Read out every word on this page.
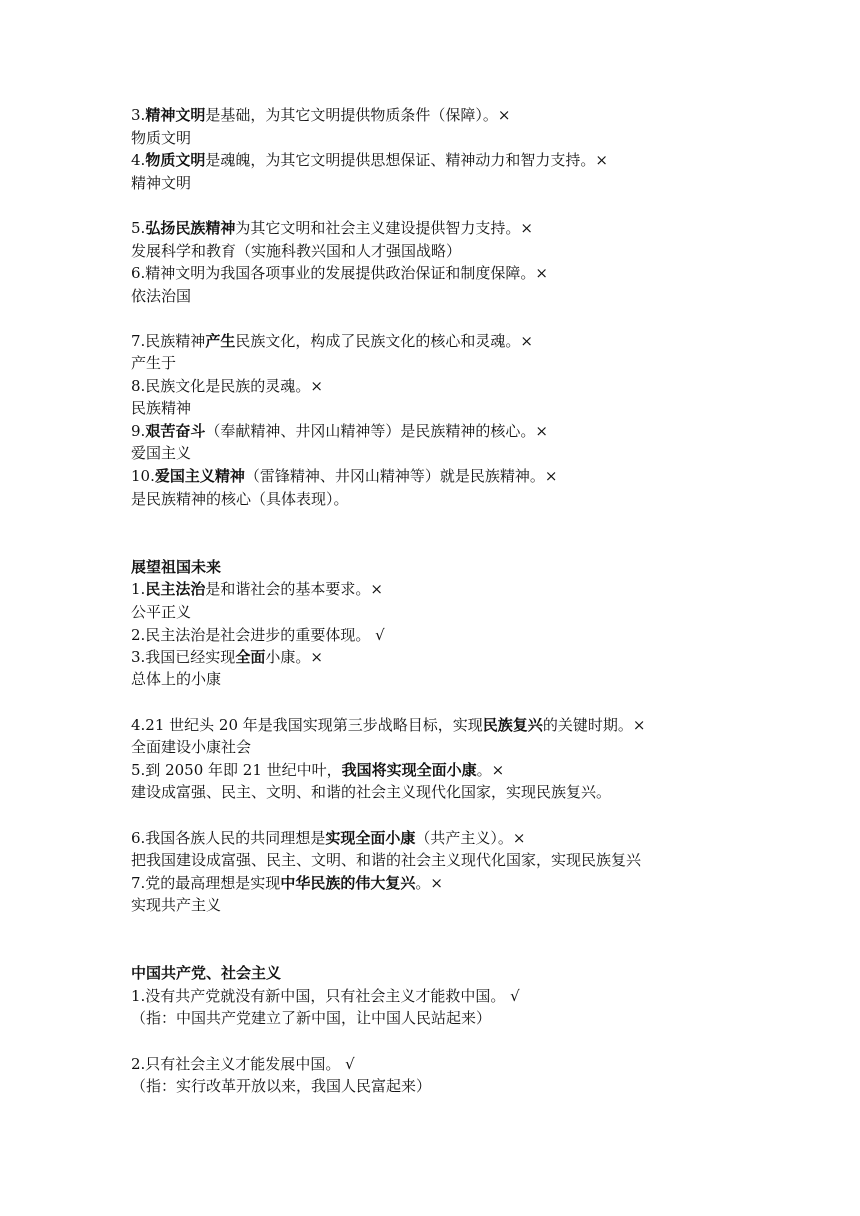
3.精神文明是基础，为其它文明提供物质条件（保障）。×
物质文明
4.物质文明是魂魄，为其它文明提供思想保证、精神动力和智力支持。×
精神文明
5.弘扬民族精神为其它文明和社会主义建设提供智力支持。×
发展科学和教育（实施科教兴国和人才强国战略）
6.精神文明为我国各项事业的发展提供政治保证和制度保障。×
依法治国
7.民族精神产生民族文化，构成了民族文化的核心和灵魂。×
产生于
8.民族文化是民族的灵魂。×
民族精神
9.艰苦奋斗（奉献精神、井冈山精神等）是民族精神的核心。×
爱国主义
10.爱国主义精神（雷锋精神、井冈山精神等）就是民族精神。×
是民族精神的核心（具体表现）。
展望祖国未来
1.民主法治是和谐社会的基本要求。×
公平正义
2.民主法治是社会进步的重要体现。 √
3.我国已经实现全面小康。×
总体上的小康
4.21 世纪头 20 年是我国实现第三步战略目标，实现民族复兴的关键时期。×
全面建设小康社会
5.到 2050 年即 21 世纪中叶，我国将实现全面小康。×
建设成富强、民主、文明、和谐的社会主义现代化国家，实现民族复兴。
6.我国各族人民的共同理想是实现全面小康（共产主义）。×
把我国建设成富强、民主、文明、和谐的社会主义现代化国家，实现民族复兴
7.党的最高理想是实现中华民族的伟大复兴。×
实现共产主义
中国共产党、社会主义
1.没有共产党就没有新中国，只有社会主义才能救中国。 √
（指：中国共产党建立了新中国，让中国人民站起来）
2.只有社会主义才能发展中国。 √
（指：实行改革开放以来，我国人民富起来）
